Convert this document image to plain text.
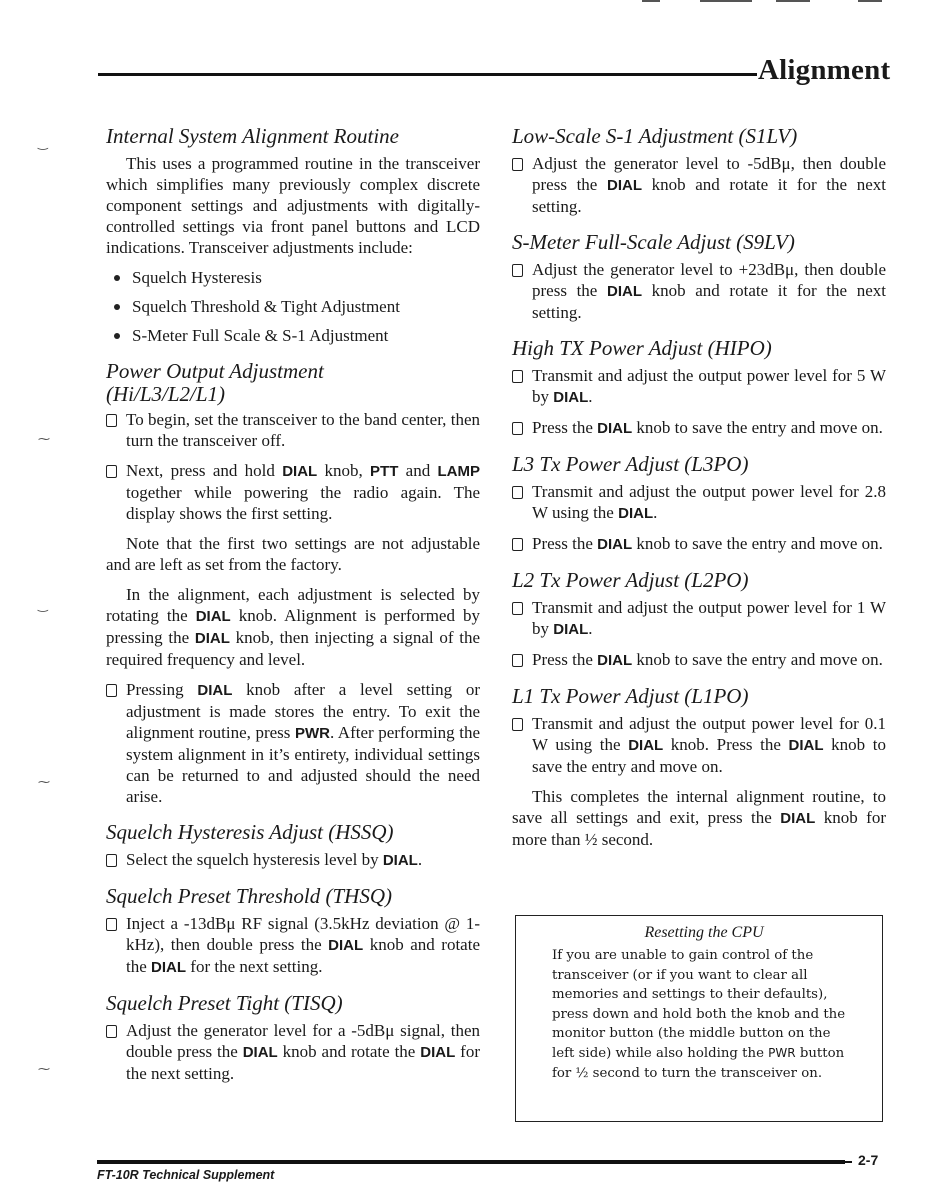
Alignment
‿
⁓
‿
⁓
⁓
Internal System Alignment Routine
This uses a programmed routine in the transceiver which simplifies many previously complex discrete component settings and adjustments with digitally-controlled settings via front panel buttons and LCD indications. Transceiver adjustments include:
Squelch Hysteresis
Squelch Threshold & Tight Adjustment
S-Meter Full Scale & S-1 Adjustment
Power Output Adjustment
(Hi/L3/L2/L1)
To begin, set the transceiver to the band center, then turn the transceiver off.
Next, press and hold DIAL knob, PTT and LAMP together while powering the radio again. The display shows the first setting.
Note that the first two settings are not adjustable and are left as set from the factory.
In the alignment, each adjustment is selected by rotating the DIAL knob. Alignment is performed by pressing the DIAL knob, then injecting a signal of the required frequency and level.
Pressing DIAL knob after a level setting or adjustment is made stores the entry. To exit the alignment routine, press PWR. After performing the system alignment in it’s entirety, individual settings can be returned to and adjusted should the need arise.
Squelch Hysteresis Adjust (HSSQ)
Select the squelch hysteresis level by DIAL.
Squelch Preset Threshold (THSQ)
Inject a -13dBμ RF signal (3.5kHz deviation @ 1-kHz), then double press the DIAL knob and rotate the DIAL for the next setting.
Squelch Preset Tight (TISQ)
Adjust the generator level for a -5dBμ signal, then double press the DIAL knob and rotate the DIAL for the next setting.
Low-Scale S-1 Adjustment (S1LV)
Adjust the generator level to -5dBμ, then double press the DIAL knob and rotate it for the next setting.
S-Meter Full-Scale Adjust (S9LV)
Adjust the generator level to +23dBμ, then double press the DIAL knob and rotate it for the next setting.
High TX Power Adjust (HIPO)
Transmit and adjust the output power level for 5 W by DIAL.
Press the DIAL knob to save the entry and move on.
L3 Tx Power Adjust (L3PO)
Transmit and adjust the output power level for 2.8 W using the DIAL.
Press the DIAL knob to save the entry and move on.
L2 Tx Power Adjust (L2PO)
Transmit and adjust the output power level for 1 W by DIAL.
Press the DIAL knob to save the entry and move on.
L1 Tx Power Adjust (L1PO)
Transmit and adjust the output power level for 0.1 W using the DIAL knob. Press the DIAL knob to save the entry and move on.
This completes the internal alignment routine, to save all settings and exit, press the DIAL knob for more than ½ second.
Resetting the CPU
If you are unable to gain control of the transceiver (or if you want to clear all memories and settings to their defaults), press down and hold both the knob and the monitor button (the middle button on the left side) while also holding the PWR button for ½ second to turn the transceiver on.
FT-10R Technical Supplement
2-7
